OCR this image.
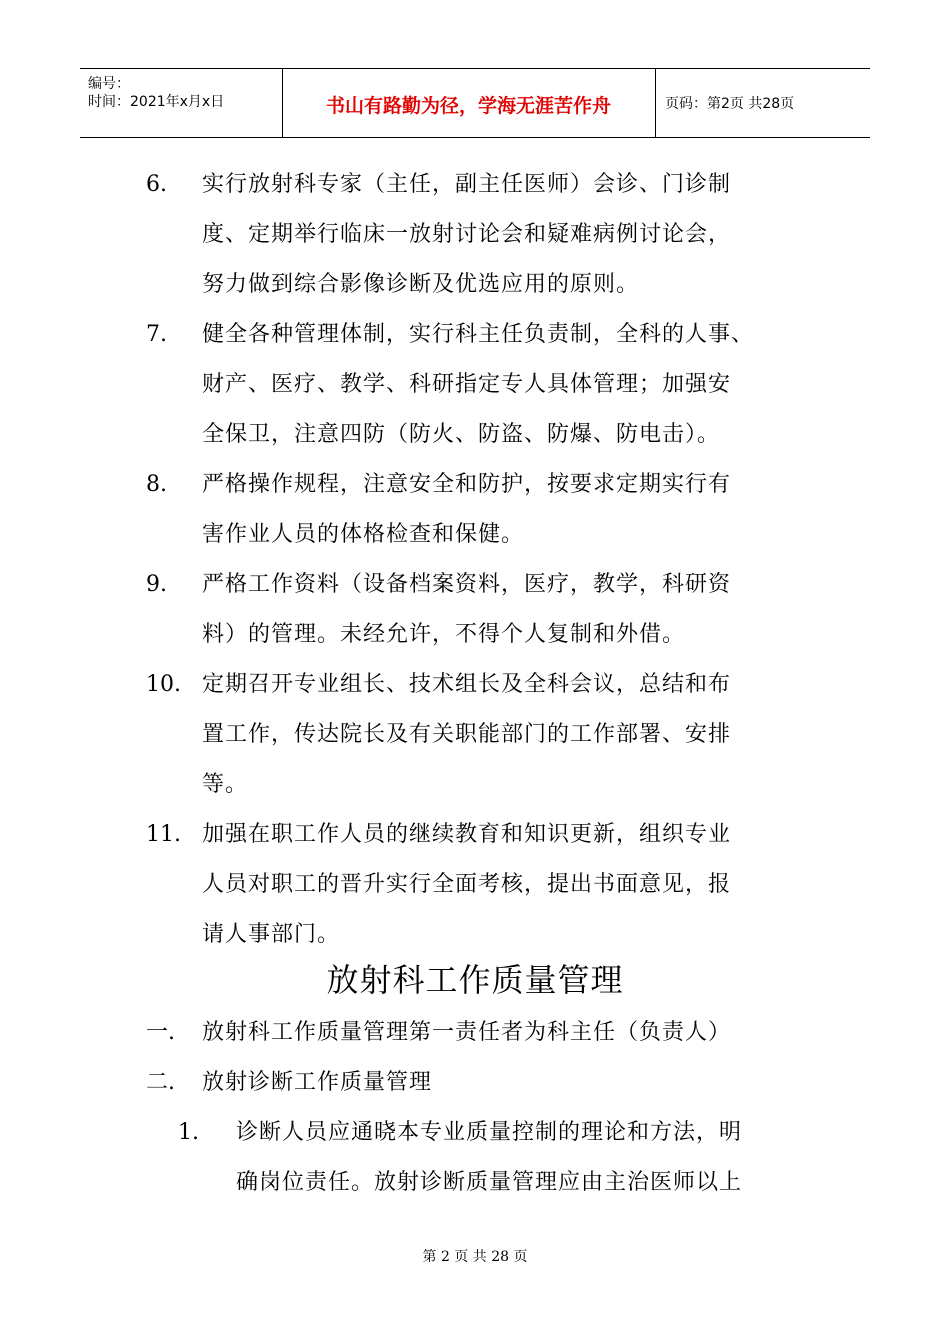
编号：
时间：2021年x月x日	书山有路勤为径，学海无涯苦作舟	页码：第2页 共28页
6. 实行放射科专家（主任，副主任医师）会诊、门诊制
度、定期举行临床一放射讨论会和疑难病例讨论会，
努力做到综合影像诊断及优选应用的原则。
7. 健全各种管理体制，实行科主任负责制，全科的人事、
财产、医疗、教学、科研指定专人具体管理；加强安
全保卫，注意四防（防火、防盗、防爆、防电击）。
8. 严格操作规程，注意安全和防护，按要求定期实行有
害作业人员的体格检查和保健。
9. 严格工作资料（设备档案资料，医疗，教学，科研资
料）的管理。未经允许，不得个人复制和外借。
10. 定期召开专业组长、技术组长及全科会议，总结和布
置工作，传达院长及有关职能部门的工作部署、安排
等。
11. 加强在职工作人员的继续教育和知识更新，组织专业
人员对职工的晋升实行全面考核，提出书面意见，报
请人事部门。
放射科工作质量管理
一. 放射科工作质量管理第一责任者为科主任（负责人）
二. 放射诊断工作质量管理
1. 诊断人员应通晓本专业质量控制的理论和方法，明
确岗位责任。放射诊断质量管理应由主治医师以上
第 2 页 共 28 页
